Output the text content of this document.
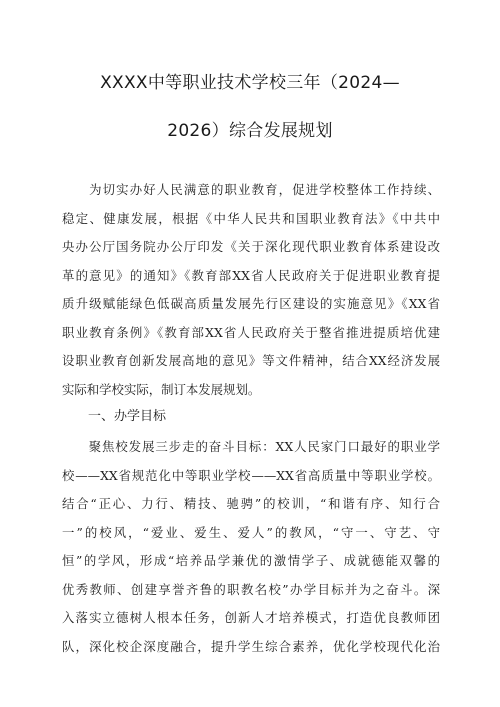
XXXX中等职业技术学校三年（2024—
2026）综合发展规划
　　为切实办好人民满意的职业教育，促进学校整体工作持续、
稳定、健康发展，根据《中华人民共和国职业教育法》《中共中
央办公厅国务院办公厅印发《关于深化现代职业教育体系建设改
革的意见》的通知》《教育部XX省人民政府关于促进职业教育提
质升级赋能绿色低碳高质量发展先行区建设的实施意见》《XX省
职业教育条例》《教育部XX省人民政府关于整省推进提质培优建
设职业教育创新发展高地的意见》等文件精神，结合XX经济发展
实际和学校实际，制订本发展规划。
一、办学目标
　　聚焦校发展三步走的奋斗目标：XX人民家门口最好的职业学
校——XX省规范化中等职业学校——XX省高质量中等职业学校。
结合“正心、力行、精技、驰骋”的校训，“和谐有序、知行合
一”的校风，“爱业、爱生、爱人”的教风，“守一、守艺、守
恒”的学风，形成“培养品学兼优的激情学子、成就德能双馨的
优秀教师、创建享誉齐鲁的职教名校”办学目标并为之奋斗。深
入落实立德树人根本任务，创新人才培养模式，打造优良教师团
队，深化校企深度融合，提升学生综合素养，优化学校现代化治
